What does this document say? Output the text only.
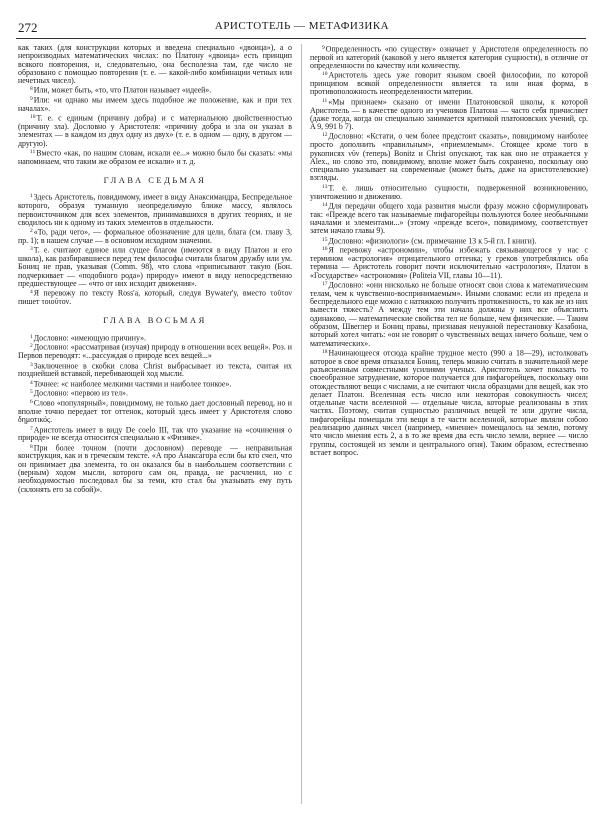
272	АРИСТОТЕЛЬ — МЕТАФИЗИКА

как таких (для конструкции которых и введена специально «двоица»), а о непроизводных математических числах: по Платону «двоица» есть принцип всякого повторения, и, следовательно, она бесполезна там, где число не образовано с помощью повторения (т. е. — какой-либо комбинации четных или нечетных чисел).

$^8$Или, может быть, «то, что Платон называет «идеей».

$^9$Или: «и однако мы имеем здесь подобное же положение, как и при тех началах».

$^{10}$Т. е. с единым (причину добра) и с материальною двойственностью (причину зла). Дословно у Аристотеля: «причину добра и зла он указал в элементах — в каждом из двух одну из двух» (т. е. в одном — одну, в другом — другую).

$^{11}$Вместо «как, по нашим словам, искали ее...» можно было бы сказать: «мы напоминаем, что таким же образом ее искали» и т. д.

ГЛАВА СЕДЬМАЯ

$^1$Здесь Аристотель, повидимому, имеет в виду Анаксимандра, Беспредельное которого, образуя туманную неопределимую ближе массу, являлось первоисточником для всех элементов, принимавшихся в других теориях, и не сводилось ни к одному из таких элементов в отдельности.

$^2$«То, ради чего», — формальное обозначение для цели, блага (см. главу 3, пр. 1); в нашем случае — в основном исходном значении.

$^3$Т. е. считают единое или сущее благом (имеются в виду Платон и его школа), как разбиравшиеся перед тем философы считали благом дружбу или ум. Бониц не прав, указывая (Comm. 98), что слова «приписывают такую (Бон. подчеркивает — «подобного рода») природу» имеют в виду непосредственно предшествующее — «что от них исходит движения».

$^4$Я перевожу по тексту Ross'а, который, следуя Bywater'у, вместо τοῦτον пишет τοιοῦτον.

ГЛАВА ВОСЬМАЯ

$^1$Дословно: «имеющую причину».

$^2$Дословно: «рассматривая (изучая) природу в отношении всех вещей». Роз. и Первов переводят: «...рассуждая о природе всех вещей...»

$^3$Заключенное в скобки слова Christ выбрасывает из текста, считая их позднейшей вставкой, перебивающей ход мысли.

$^4$Точнее: «с наиболее мелкими частями и наиболее тонкое».

$^5$Дословно: «первою из тел».

$^6$Слово «популярный», повидимому, не только дает дословный перевод, но и вполне точно передает тот оттенок, который здесь имеет у Аристотеля слово δημοτικός.

$^7$Аристотель имеет в виду De coelo III, так что указание на «сочинения о природе» не всегда относится специально к «Физике».

$^8$При более точном (почти дословном) переводе — неправильная конструкция, как и в греческом тексте. «А про Анаксагора если бы кто счел, что он принимает два элемента, то он оказался бы в наибольшем соответствии с (верным) ходом мысли, которого сам он, правда, не расчленил, но с необходимостью последовал бы за теми, кто стал бы указывать ему путь (склонять его за собой)».

$^9$Определенность «по существу» означает у Аристотеля определенность по первой из категорий (каковой у него является категория сущности), в отличие от определенности по качеству или количеству.

$^{10}$Аристотель здесь уже говорит языком своей философии, по которой принципом всякой определенности является та или иная форма, в противоположность неопределенности материи.

$^{11}$«Мы признаем» сказано от имени Платоновской школы, к которой Аристотель — в качестве одного из учеников Платона — часто себя причисляет (даже тогда, когда он специально занимается критикой платоновских учений, ср. A 9, 991 b 7).

$^{12}$Дословно: «Кстати, о чем более предстоит сказать», повидимому наиболее просто дополнить «правильным», «приемлемым». Стоящее кроме того в рукописях νῦν (теперь) Bonitz и Christ опускают, так как оно не отражается у Alex., но слово это, повидимому, вполне может быть сохранено, поскольку оно специально указывает на современные (может быть, даже на аристотелевские) взгляды.

$^{13}$Т. е. лишь относительно сущности, подверженной возникновению, уничтожению и движению.

$^{14}$Для передачи общего хода развития мысли фразу можно сформулировать так: «Прежде всего так называемые пифагорейцы пользуются более необычными началами и элементами...» (этому «прежде всего», повидимому, соответствует затем начало главы 9).

$^{15}$Дословно: «физиологи» (см. примечание 13 к 5-й гл. I книги).

$^{16}$Я перевожу «астрономии», чтобы избежать связывающегося у нас с термином «астрология» отрицательного оттенка; у греков употреблялись оба термина — Аристотель говорит почти исключительно «астрология», Платон в «Государстве» «астрономия» (Politeia VII, главы 10—11).

$^{17}$Дословно: «они нисколько не больше относят свои слова к математическим телам, чем к чувственно-воспринимаемым». Иными словами: если из предела и беспредельного еще можно с натяжкою получить протяженность, то как же из них вывести тяжесть? А между тем эти начала должны у них все объяснить одинаково, — математические свойства тел не больше, чем физические. — Таким образом, Швеглер и Бониц правы, признавая ненужной перестановку Казабона, который хотел читать: «он не говорят о чувственных вещах ничего больше, чем о математических».

$^{18}$Начинающееся отсюда крайне трудное место (990 a 18—29), истолковать которое в свое время отказался Бониц, теперь можно считать в значительной мере разъясненным совместными усилиями ученых. Аристотель хочет показать то своеобразное затруднение, которое получается для пифагорейцев, поскольку они отождествляют вещи с числами, а не считают числа образцами для вещей, как это делает Платон. Вселенная есть число или некоторая совокупность чисел; отдельные части вселенной — отдельные числа, которые реализованы в этих частях. Поэтому, считая сущностью различных вещей те или другие числа, пифагорейцы помещали эти вещи в те части вселенной, которые являли собою реализацию данных чисел (например, «мнение» помещалось на землю, потому что число мнения есть 2, а в то же время два есть число земли, вернее — число группы, состоящей из земли и центрального огня). Таким образом, естественно встает вопрос.
